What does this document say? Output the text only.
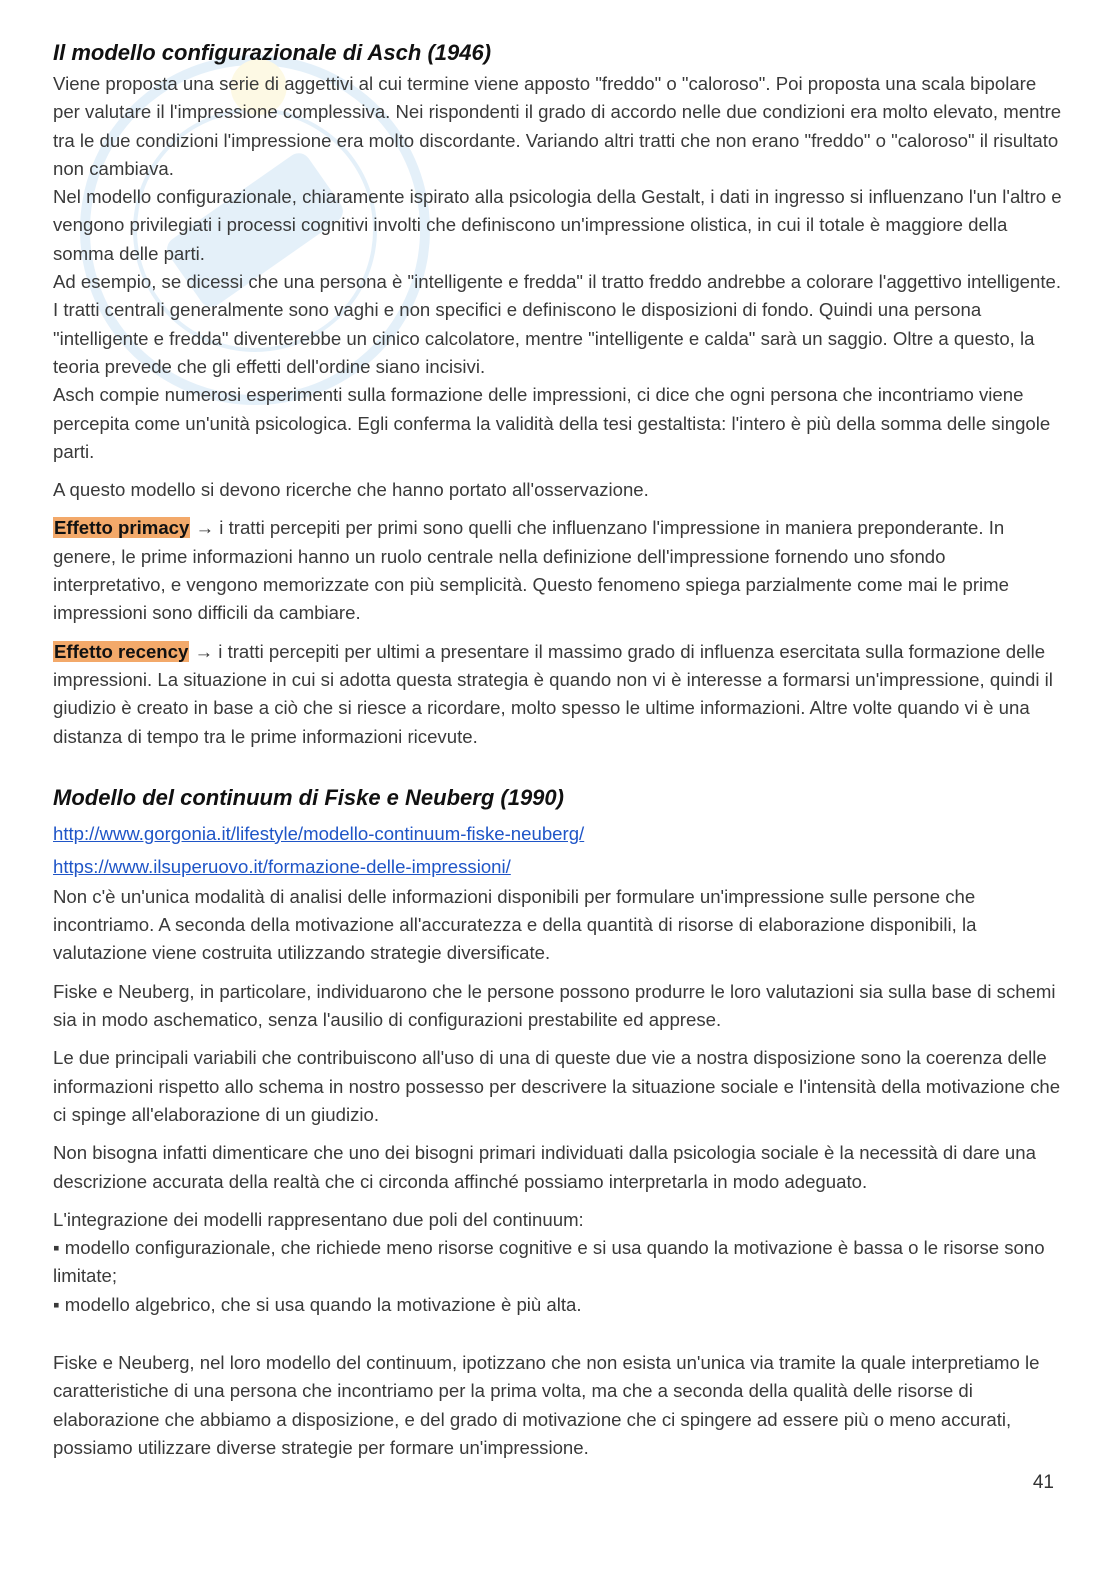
Il modello configurazionale di Asch (1946)

Viene proposta una serie di aggettivi al cui termine viene apposto "freddo" o "caloroso". Poi proposta una scala bipolare per valutare il l'impressione complessiva. Nei rispondenti il grado di accordo nelle due condizioni era molto elevato, mentre tra le due condizioni l'impressione era molto discordante. Variando altri tratti che non erano "freddo" o "caloroso" il risultato non cambiava.

Nel modello configurazionale, chiaramente ispirato alla psicologia della Gestalt, i dati in ingresso si influenzano l'un l'altro e vengono privilegiati i processi cognitivi involti che definiscono un'impressione olistica, in cui il totale è maggiore della somma delle parti.

Ad esempio, se dicessi che una persona è "intelligente e fredda" il tratto freddo andrebbe a colorare l'aggettivo intelligente. I tratti centrali generalmente sono vaghi e non specifici e definiscono le disposizioni di fondo. Quindi una persona "intelligente e fredda" diventerebbe un cinico calcolatore, mentre "intelligente e calda" sarà un saggio. Oltre a questo, la teoria prevede che gli effetti dell'ordine siano incisivi.

Asch compie numerosi esperimenti sulla formazione delle impressioni, ci dice che ogni persona che incontriamo viene percepita come un'unità psicologica. Egli conferma la validità della tesi gestaltista: l'intero è più della somma delle singole parti.

A questo modello si devono ricerche che hanno portato all'osservazione.

Effetto primacy → i tratti percepiti per primi sono quelli che influenzano l'impressione in maniera preponderante. In genere, le prime informazioni hanno un ruolo centrale nella definizione dell'impressione fornendo uno sfondo interpretativo, e vengono memorizzate con più semplicità. Questo fenomeno spiega parzialmente come mai le prime impressioni sono difficili da cambiare.

Effetto recency → i tratti percepiti per ultimi a presentare il massimo grado di influenza esercitata sulla formazione delle impressioni. La situazione in cui si adotta questa strategia è quando non vi è interesse a formarsi un'impressione, quindi il giudizio è creato in base a ciò che si riesce a ricordare, molto spesso le ultime informazioni. Altre volte quando vi è una distanza di tempo tra le prime informazioni ricevute.

Modello del continuum di Fiske e Neuberg (1990)
http://www.gorgonia.it/lifestyle/modello-continuum-fiske-neuberg/
https://www.ilsuperuovo.it/formazione-delle-impressioni/

Non c'è un'unica modalità di analisi delle informazioni disponibili per formulare un'impressione sulle persone che incontriamo. A seconda della motivazione all'accuratezza e della quantità di risorse di elaborazione disponibili, la valutazione viene costruita utilizzando strategie diversificate.

Fiske e Neuberg, in particolare, individuarono che le persone possono produrre le loro valutazioni sia sulla base di schemi sia in modo aschematico, senza l'ausilio di configurazioni prestabilite ed apprese.

Le due principali variabili che contribuiscono all'uso di una di queste due vie a nostra disposizione sono la coerenza delle informazioni rispetto allo schema in nostro possesso per descrivere la situazione sociale e l'intensità della motivazione che ci spinge all'elaborazione di un giudizio.

Non bisogna infatti dimenticare che uno dei bisogni primari individuati dalla psicologia sociale è la necessità di dare una descrizione accurata della realtà che ci circonda affinché possiamo interpretarla in modo adeguato.

L'integrazione dei modelli rappresentano due poli del continuum:
▪ modello configurazionale, che richiede meno risorse cognitive e si usa quando la motivazione è bassa o le risorse sono limitate;
▪ modello algebrico, che si usa quando la motivazione è più alta.

Fiske e Neuberg, nel loro modello del continuum, ipotizzano che non esista un'unica via tramite la quale interpretiamo le caratteristiche di una persona che incontriamo per la prima volta, ma che a seconda della qualità delle risorse di elaborazione che abbiamo a disposizione, e del grado di motivazione che ci spingere ad essere più o meno accurati, possiamo utilizzare diverse strategie per formare un'impressione.

41
